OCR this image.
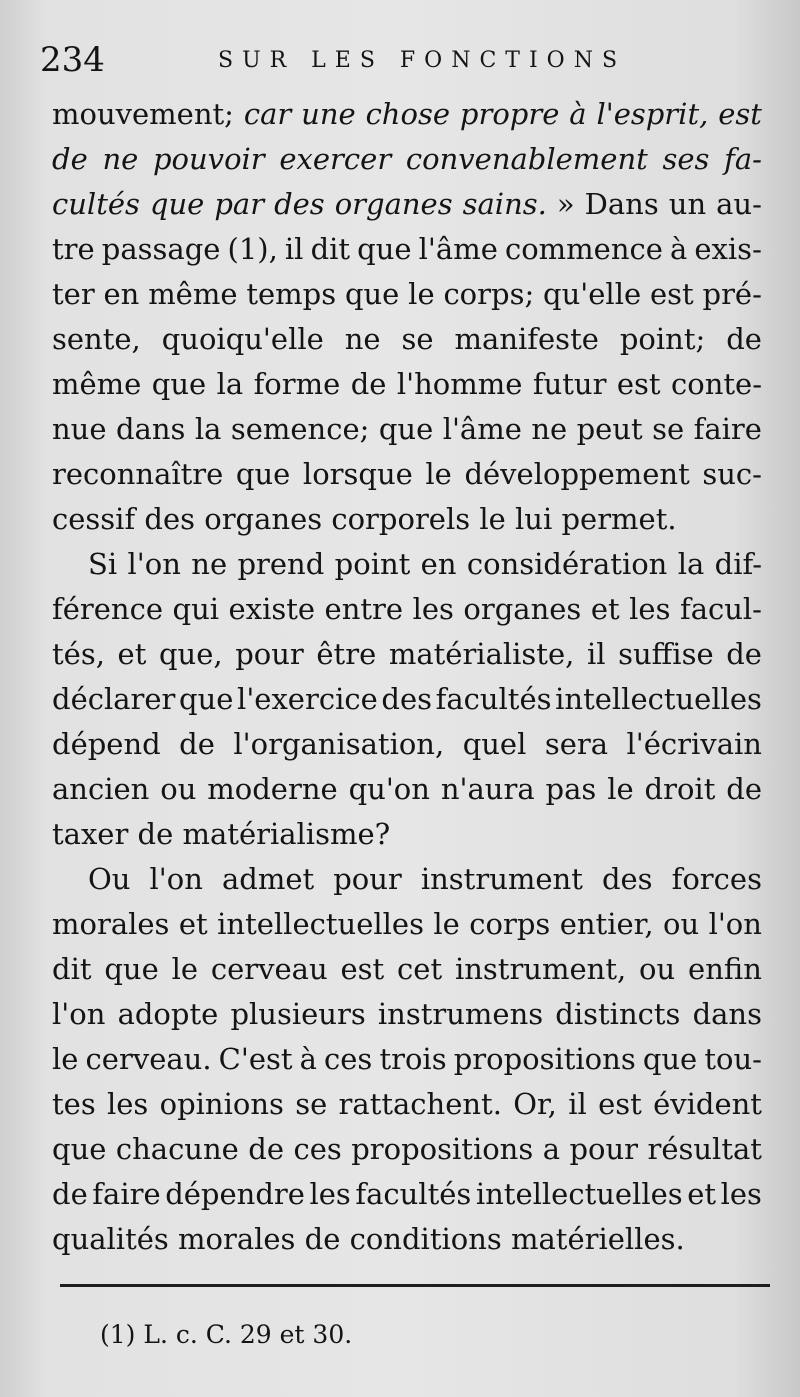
234	SUR LES FONCTIONS
mouvement; car une chose propre à l'esprit, est
de ne pouvoir exercer convenablement ses fa-
cultés que par des organes sains. » Dans un au-
tre passage (1), il dit que l'âme commence à exis-
ter en même temps que le corps; qu'elle est pré-
sente, quoiqu'elle ne se manifeste point; de
même que la forme de l'homme futur est conte-
nue dans la semence; que l'âme ne peut se faire
reconnaître que lorsque le développement suc-
cessif
des
organes
corporels
le
lui
permet.
Si l'on ne prend point en considération la dif-
férence qui existe entre les organes et les facul-
tés, et que, pour être matérialiste, il suffise de
déclarer que l'exercice des facultés intellectuelles
dépend de l'organisation, quel sera l'écrivain
ancien ou moderne qu'on n'aura pas le droit de
taxer
de
matérialisme?
Ou l'on admet pour instrument des forces
morales et intellectuelles le corps entier, ou l'on
dit que le cerveau est cet instrument, ou enfin
l'on adopte plusieurs instrumens distincts dans
le cerveau. C'est à ces trois propositions que tou-
tes les opinions se rattachent. Or, il est évident
que chacune de ces propositions a pour résultat
de faire dépendre les facultés intellectuelles et les
qualités
morales
de
conditions
matérielles.
(1) L. c. C. 29 et 30.
